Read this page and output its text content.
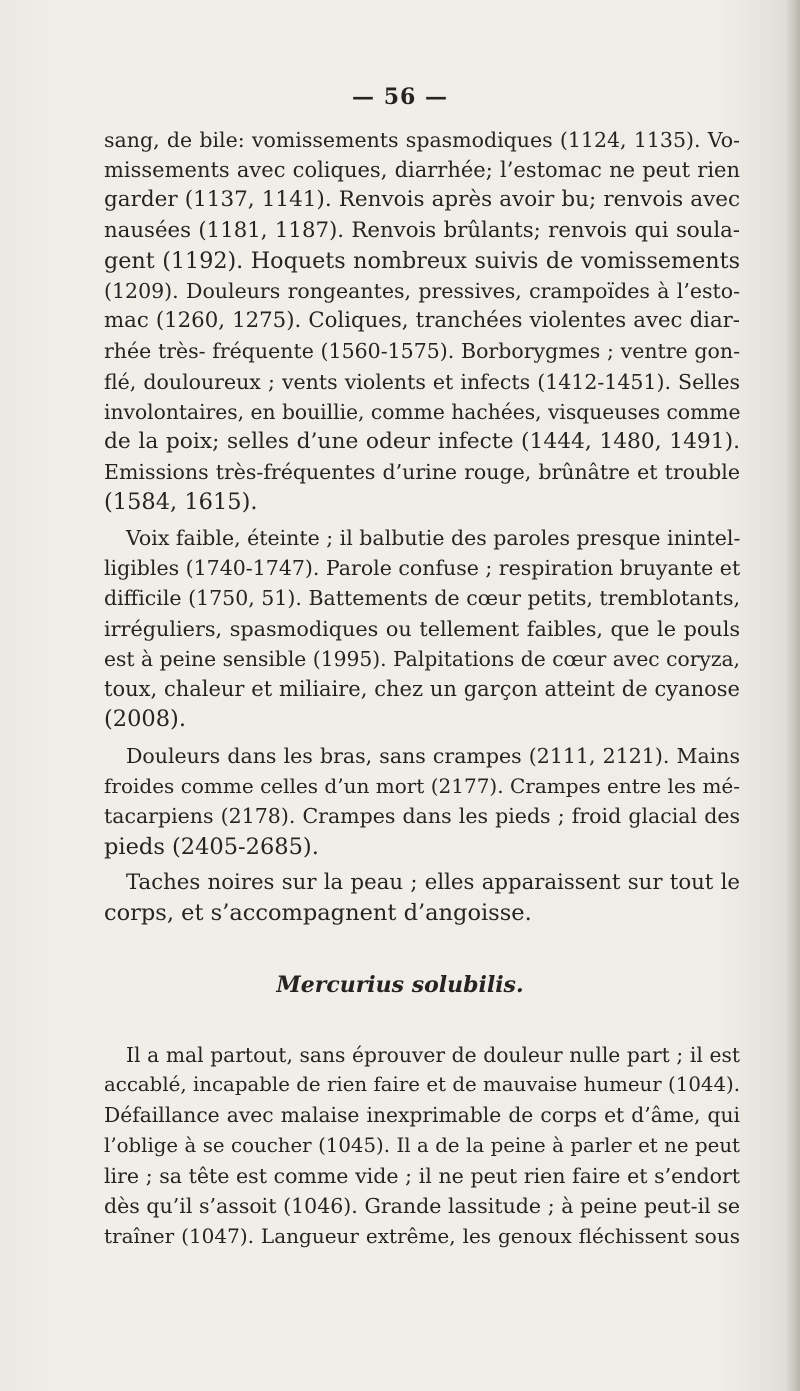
— 56 —
sang, de bile: vomissements spasmodiques (1124, 1135). Vo-
missements avec coliques, diarrhée; l’estomac ne peut rien
garder (1137, 1141). Renvois après avoir bu; renvois avec
nausées (1181, 1187). Renvois brûlants; renvois qui soula-
gent (1192). Hoquets nombreux suivis de vomissements
(1209). Douleurs rongeantes, pressives, crampoïdes à l’esto-
mac (1260, 1275). Coliques, tranchées violentes avec diar-
rhée très- fréquente (1560-1575). Borborygmes ; ventre gon-
flé, douloureux ; vents violents et infects (1412-1451). Selles
involontaires, en bouillie, comme hachées, visqueuses comme
de la poix; selles d’une odeur infecte (1444, 1480, 1491).
Emissions très-fréquentes d’urine rouge, brûnâtre et trouble
(1584, 1615).
Voix faible, éteinte ; il balbutie des paroles presque inintel-
ligibles (1740-1747). Parole confuse ; respiration bruyante et
difficile (1750, 51). Battements de cœur petits, tremblotants,
irréguliers, spasmodiques ou tellement faibles, que le pouls
est à peine sensible (1995). Palpitations de cœur avec coryza,
toux, chaleur et miliaire, chez un garçon atteint de cyanose
(2008).
Douleurs dans les bras, sans crampes (2111, 2121). Mains
froides comme celles d’un mort (2177). Crampes entre les mé-
tacarpiens (2178). Crampes dans les pieds ; froid glacial des
pieds (2405-2685).
Taches noires sur la peau ; elles apparaissent sur tout le
corps, et s’accompagnent d’angoisse.
Mercurius solubilis.
Il a mal partout, sans éprouver de douleur nulle part ; il est
accablé, incapable de rien faire et de mauvaise humeur (1044).
Défaillance avec malaise inexprimable de corps et d’âme, qui
l’oblige à se coucher (1045). Il a de la peine à parler et ne peut
lire ; sa tête est comme vide ; il ne peut rien faire et s’endort
dès qu’il s’assoit (1046). Grande lassitude ; à peine peut-il se
traîner (1047). Langueur extrême, les genoux fléchissent sous
